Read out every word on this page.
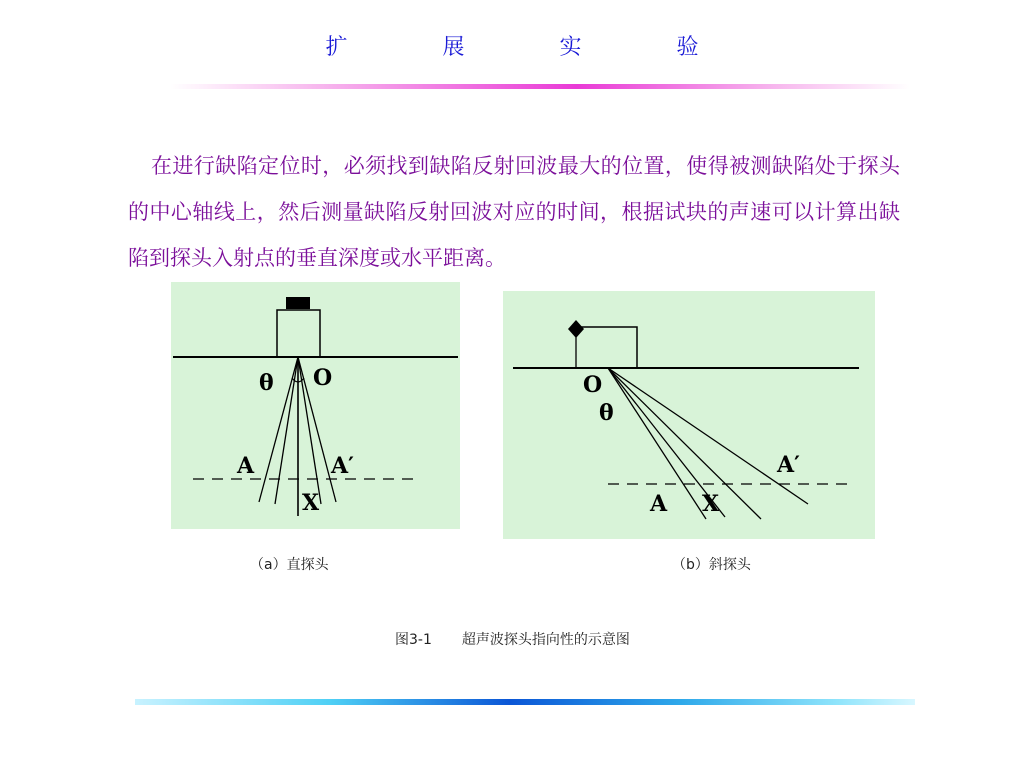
扩 展 实 验

在进行缺陷定位时，必须找到缺陷反射回波最大的位置，使得被测缺陷处于探头的中心轴线上，然后测量缺陷反射回波对应的时间，根据试块的声速可以计算出缺陷到探头入射点的垂直深度或水平距离。

θ O
A	A′
X
O
θ
A X
A′
（a）直探头	（b）斜探头
图3-1 超声波探头指向性的示意图
